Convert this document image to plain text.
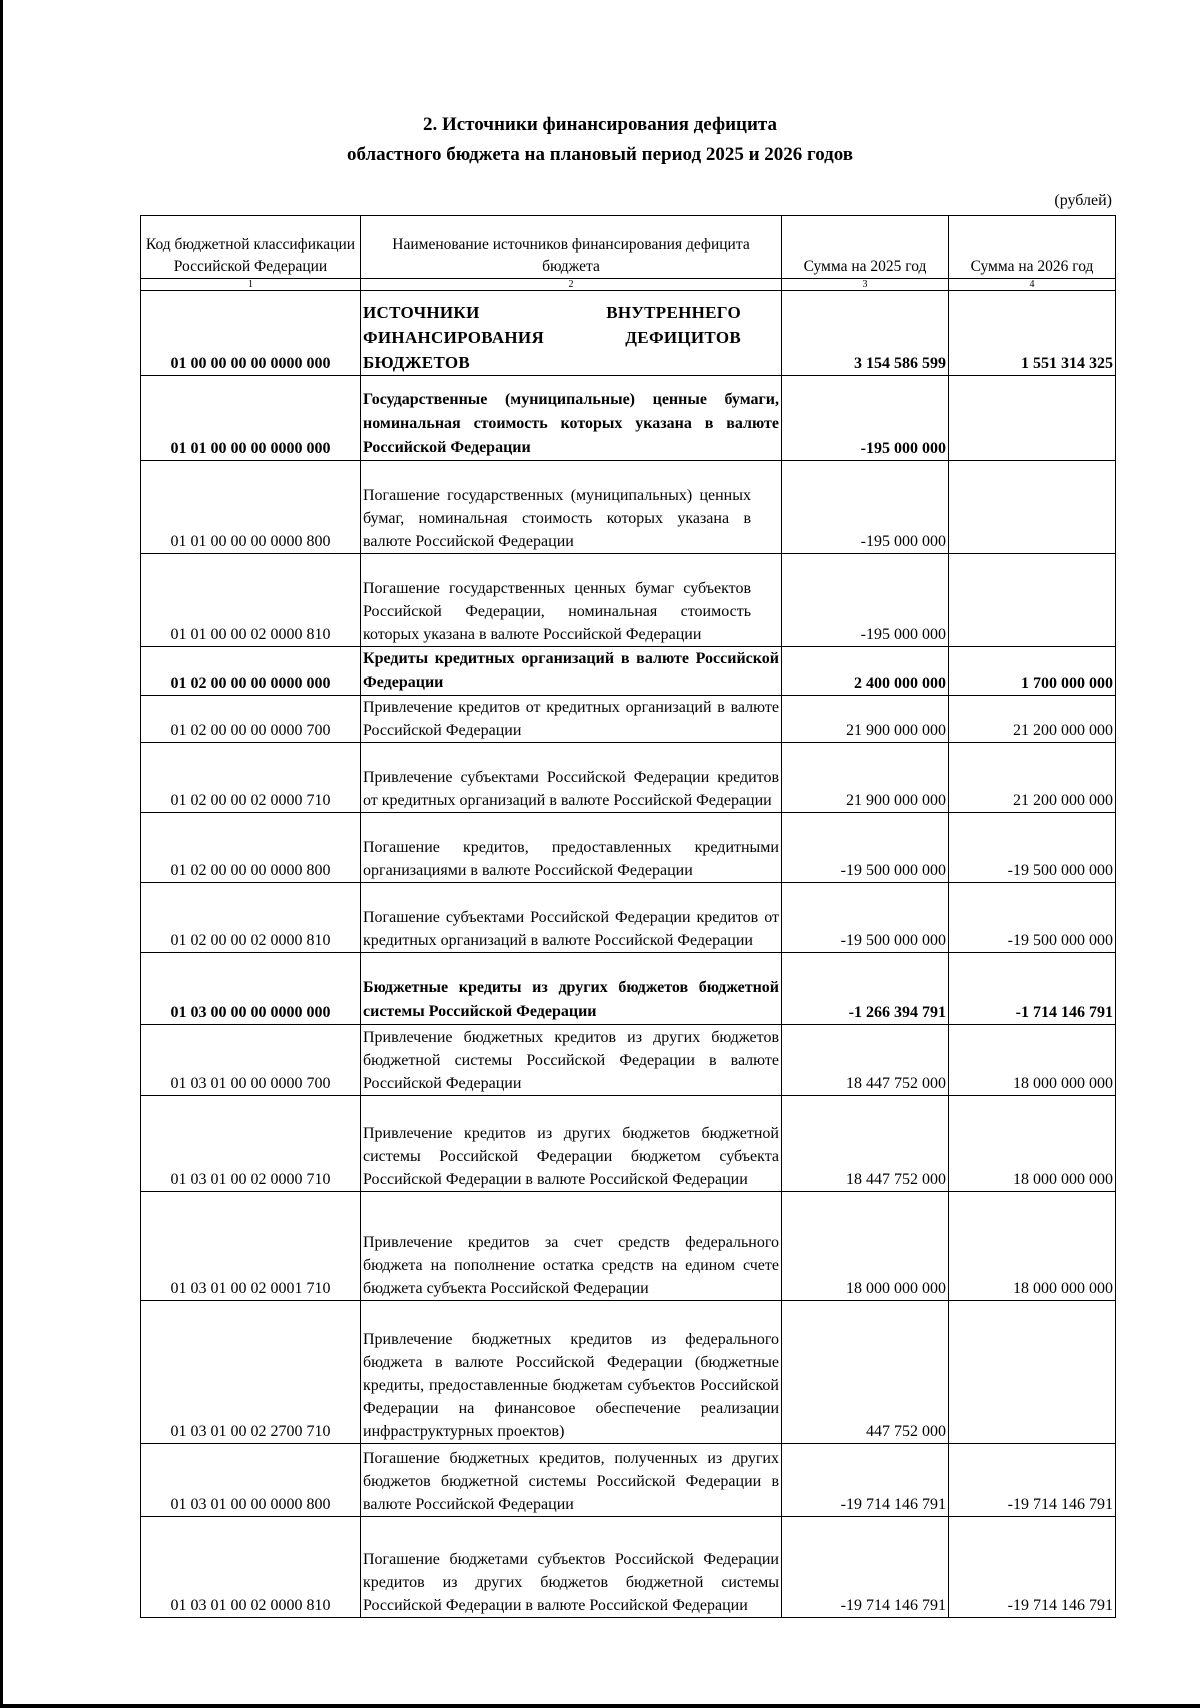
2. Источники финансирования дефицита
областного бюджета на плановый период 2025 и 2026 годов
(рублей)
Код бюджетной классификации Российской Федерации	Наименование источников финансирования дефицита бюджета	Сумма на 2025 год	Сумма на 2026 год
1	2	3	4
01 00 00 00 00 0000 000	ИСТОЧНИКИ ВНУТРЕННЕГО ФИНАНСИРОВАНИЯ ДЕФИЦИТОВ БЮДЖЕТОВ	3 154 586 599	1 551 314 325
01 01 00 00 00 0000 000	Государственные (муниципальные) ценные бумаги, номинальная стоимость которых указана в валюте Российской Федерации	-195 000 000	
01 01 00 00 00 0000 800	Погашение государственных (муниципальных) ценных бумаг, номинальная стоимость которых указана в валюте Российской Федерации	-195 000 000	
01 01 00 00 02 0000 810	Погашение государственных ценных бумаг субъектов Российской Федерации, номинальная стоимость которых указана в валюте Российской Федерации	-195 000 000	
01 02 00 00 00 0000 000	Кредиты кредитных организаций в валюте Российской Федерации	2 400 000 000	1 700 000 000
01 02 00 00 00 0000 700	Привлечение кредитов от кредитных организаций в валюте Российской Федерации	21 900 000 000	21 200 000 000
01 02 00 00 02 0000 710	Привлечение субъектами Российской Федерации кредитов от кредитных организаций в валюте Российской Федерации	21 900 000 000	21 200 000 000
01 02 00 00 00 0000 800	Погашение кредитов, предоставленных кредитными организациями в валюте Российской Федерации	-19 500 000 000	-19 500 000 000
01 02 00 00 02 0000 810	Погашение субъектами Российской Федерации кредитов от кредитных организаций в валюте Российской Федерации	-19 500 000 000	-19 500 000 000
01 03 00 00 00 0000 000	Бюджетные кредиты из других бюджетов бюджетной системы Российской Федерации	-1 266 394 791	-1 714 146 791
01 03 01 00 00 0000 700	Привлечение бюджетных кредитов из других бюджетов бюджетной системы Российской Федерации в валюте Российской Федерации	18 447 752 000	18 000 000 000
01 03 01 00 02 0000 710	Привлечение кредитов из других бюджетов бюджетной системы Российской Федерации бюджетом субъекта Российской Федерации в валюте Российской Федерации	18 447 752 000	18 000 000 000
01 03 01 00 02 0001 710	Привлечение кредитов за счет средств федерального бюджета на пополнение остатка средств на едином счете бюджета субъекта Российской Федерации	18 000 000 000	18 000 000 000
01 03 01 00 02 2700 710	Привлечение бюджетных кредитов из федерального бюджета в валюте Российской Федерации (бюджетные кредиты, предоставленные бюджетам субъектов Российской Федерации на финансовое обеспечение реализации инфраструктурных проектов)	447 752 000	
01 03 01 00 00 0000 800	Погашение бюджетных кредитов, полученных из других бюджетов бюджетной системы Российской Федерации в валюте Российской Федерации	-19 714 146 791	-19 714 146 791
01 03 01 00 02 0000 810	Погашение бюджетами субъектов Российской Федерации кредитов из других бюджетов бюджетной системы Российской Федерации в валюте Российской Федерации	-19 714 146 791	-19 714 146 791
